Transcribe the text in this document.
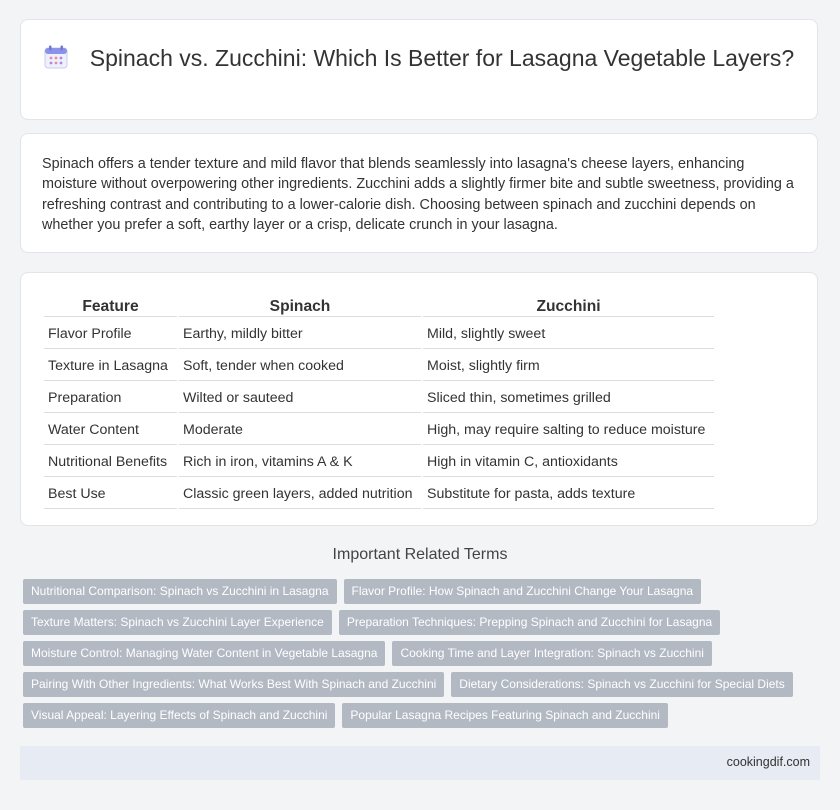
Spinach vs. Zucchini: Which Is Better for Lasagna Vegetable Layers?

Spinach offers a tender texture and mild flavor that blends seamlessly into lasagna's cheese layers, enhancing moisture without overpowering other ingredients. Zucchini adds a slightly firmer bite and subtle sweetness, providing a refreshing contrast and contributing to a lower-calorie dish. Choosing between spinach and zucchini depends on whether you prefer a soft, earthy layer or a crisp, delicate crunch in your lasagna.

Feature	Spinach	Zucchini
Flavor Profile	Earthy, mildly bitter	Mild, slightly sweet
Texture in Lasagna	Soft, tender when cooked	Moist, slightly firm
Preparation	Wilted or sauteed	Sliced thin, sometimes grilled
Water Content	Moderate	High, may require salting to reduce moisture
Nutritional Benefits	Rich in iron, vitamins A & K	High in vitamin C, antioxidants
Best Use	Classic green layers, added nutrition	Substitute for pasta, adds texture
Important Related Terms
Nutritional Comparison: Spinach vs Zucchini in Lasagna	Flavor Profile: How Spinach and Zucchini Change Your Lasagna
Texture Matters: Spinach vs Zucchini Layer Experience	Preparation Techniques: Prepping Spinach and Zucchini for Lasagna
Moisture Control: Managing Water Content in Vegetable Lasagna	Cooking Time and Layer Integration: Spinach vs Zucchini
Pairing With Other Ingredients: What Works Best With Spinach and Zucchini	Dietary Considerations: Spinach vs Zucchini for Special Diets
Visual Appeal: Layering Effects of Spinach and Zucchini	Popular Lasagna Recipes Featuring Spinach and Zucchini
cookingdif.com
